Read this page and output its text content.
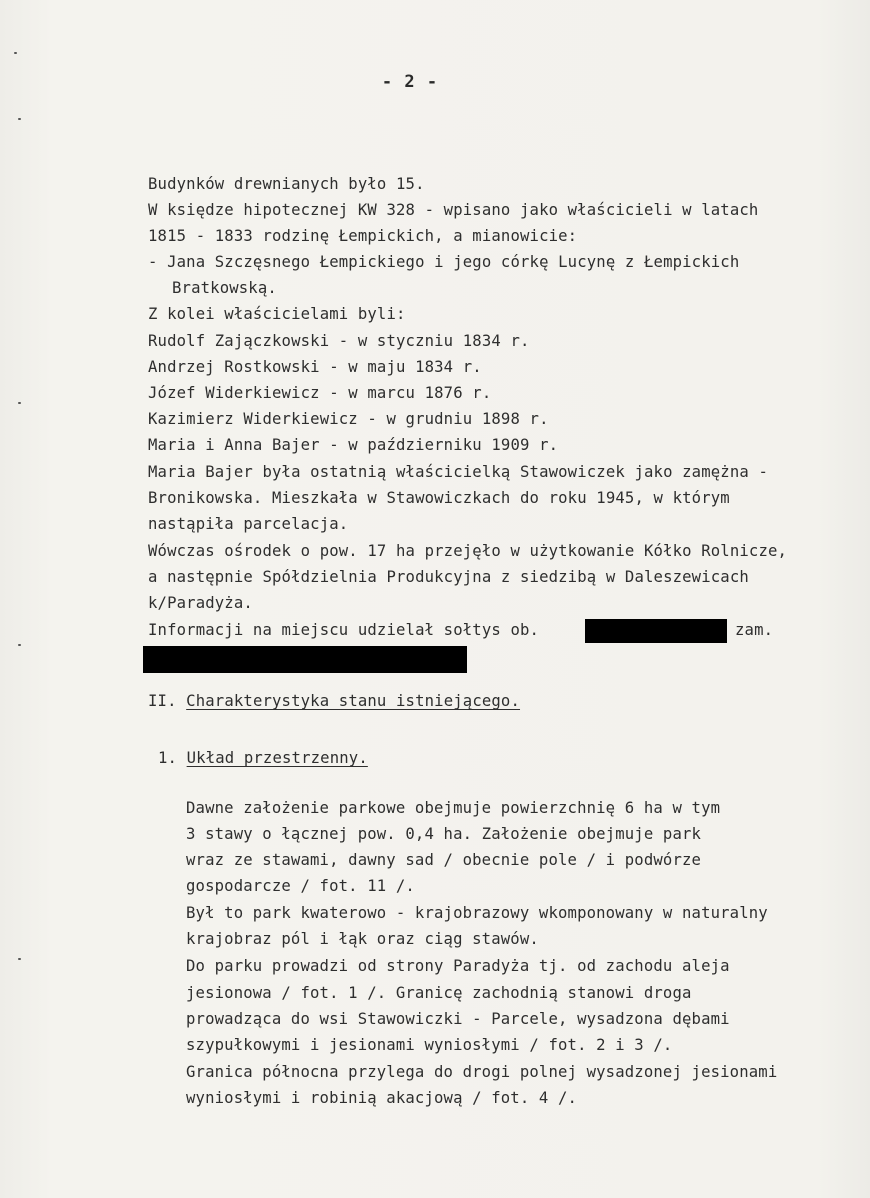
- 2 -
Budynków drewnianych było 15.
W księdze hipotecznej KW 328 - wpisano jako właścicieli w latach
1815 - 1833 rodzinę Łempickich, a mianowicie:
- Jana Szczęsnego Łempickiego i jego córkę Lucynę z Łempickich
Bratkowską.
Z kolei właścicielami byli:
Rudolf Zajączkowski - w styczniu 1834 r.
Andrzej Rostkowski - w maju 1834 r.
Józef Widerkiewicz - w marcu 1876 r.
Kazimierz Widerkiewicz - w grudniu 1898 r.
Maria i Anna Bajer - w październiku 1909 r.
Maria Bajer była ostatnią właścicielką Stawowiczek jako zamężna -
Bronikowska. Mieszkała w Stawowiczkach do roku 1945, w którym
nastąpiła parcelacja.
Wówczas ośrodek o pow. 17 ha przejęło w użytkowanie Kółko Rolnicze,
a następnie Spółdzielnia Produkcyjna z siedzibą w Daleszewicach
k/Paradyża.
Informacji na miejscu udzielał sołtys ob.	zam.
II. Charakterystyka stanu istniejącego.
1. Układ przestrzenny.
Dawne założenie parkowe obejmuje powierzchnię 6 ha w tym
3 stawy o łącznej pow. 0,4 ha. Założenie obejmuje park
wraz ze stawami, dawny sad / obecnie pole / i podwórze
gospodarcze / fot. 11 /.
Był to park kwaterowo - krajobrazowy wkomponowany w naturalny
krajobraz pól i łąk oraz ciąg stawów.
Do parku prowadzi od strony Paradyża tj. od zachodu aleja
jesionowa / fot. 1 /. Granicę zachodnią stanowi droga
prowadząca do wsi Stawowiczki - Parcele, wysadzona dębami
szypułkowymi i jesionami wyniosłymi / fot. 2 i 3 /.
Granica północna przylega do drogi polnej wysadzonej jesionami
wyniosłymi i robinią akacjową / fot. 4 /.
